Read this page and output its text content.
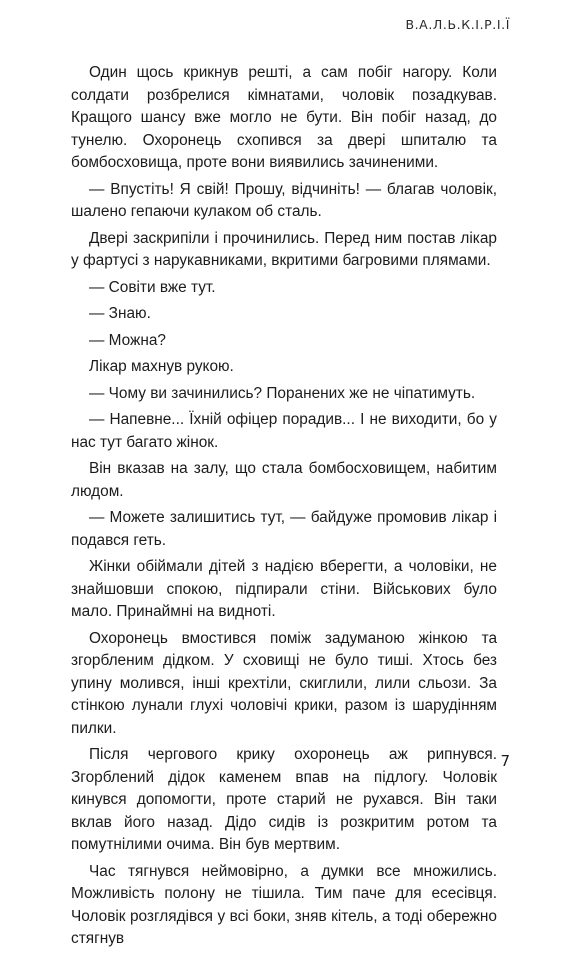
В.А.Л.Ь.К.І.Р.І.Ї

Один щось крикнув решті, а сам побіг нагору. Коли солдати розбрелися кімнатами, чоловік позадкував. Кращого шансу вже могло не бути. Він побіг назад, до тунелю. Охоронець схопився за двері шпиталю та бомбосховища, проте вони виявились зачиненими.

— Впустіть! Я свій! Прошу, відчиніть! — благав чоловік, шалено гепаючи кулаком об сталь.

Двері заскрипіли і прочинились. Перед ним постав лікар у фартусі з нарукавниками, вкритими багровими плямами.

— Совіти вже тут.

— Знаю.

— Можна?

Лікар махнув рукою.

— Чому ви зачинились? Поранених же не чіпатимуть.

— Напевне... Їхній офіцер порадив... І не виходити, бо у нас тут багато жінок.

Він вказав на залу, що стала бомбосховищем, набитим людом.

— Можете залишитись тут, — байдуже промовив лікар і подався геть.

Жінки обіймали дітей з надією вберегти, а чоловіки, не знайшовши спокою, підпирали стіни. Військових було мало. Принаймні на видноті.

Охоронець вмостився поміж задуманою жінкою та згорбленим дідком. У сховищі не було тиші. Хтось без упину молився, інші крехтіли, скиглили, лили сльози. За стінкою лунали глухі чоловічі крики, разом із шарудінням пилки.

Після чергового крику охоронець аж рипнувся. Згорблений дідок каменем впав на підлогу. Чоловік кинувся допомогти, проте старий не рухався. Він таки вклав його назад. Дідо сидів із розкритим ротом та помутнілими очима. Він був мертвим.

Час тягнувся неймовірно, а думки все множились. Можливість полону не тішила. Тим паче для есесівця. Чоловік розглядівся у всі боки, зняв кітель, а тоді обережно стягнув

7
